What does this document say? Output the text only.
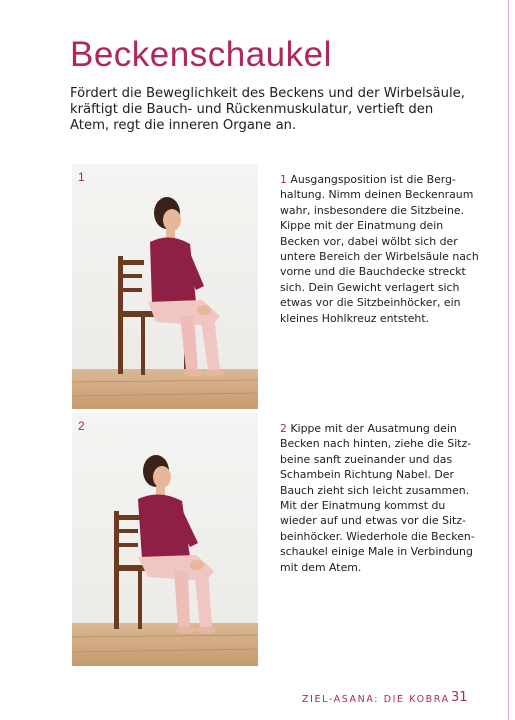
Beckenschaukel

Fördert die Beweglichkeit des Beckens und der Wirbelsäule, kräftigt die Bauch- und Rückenmuskulatur, vertieft den Atem, regt die inneren Organe an.

1
2
1 Ausgangsposition ist die Berghaltung. Nimm deinen Beckenraum wahr, insbesondere die Sitzbeine. Kippe mit der Einatmung dein Becken vor, dabei wölbt sich der untere Bereich der Wirbelsäule nach vorne und die Bauchdecke streckt sich. Dein Gewicht verlagert sich etwas vor die Sitzbeinhöcker, ein kleines Hohlkreuz entsteht.
2 Kippe mit der Ausatmung dein Becken nach hinten, ziehe die Sitzbeine sanft zueinander und das Schambein Richtung Nabel. Der Bauch zieht sich leicht zusammen. Mit der Einatmung kommst du wieder auf und etwas vor die Sitzbeinhöcker. Wiederhole die Beckenschaukel einige Male in Verbindung mit dem Atem.
ZIEL-ASANA: DIE KOBRA 31
